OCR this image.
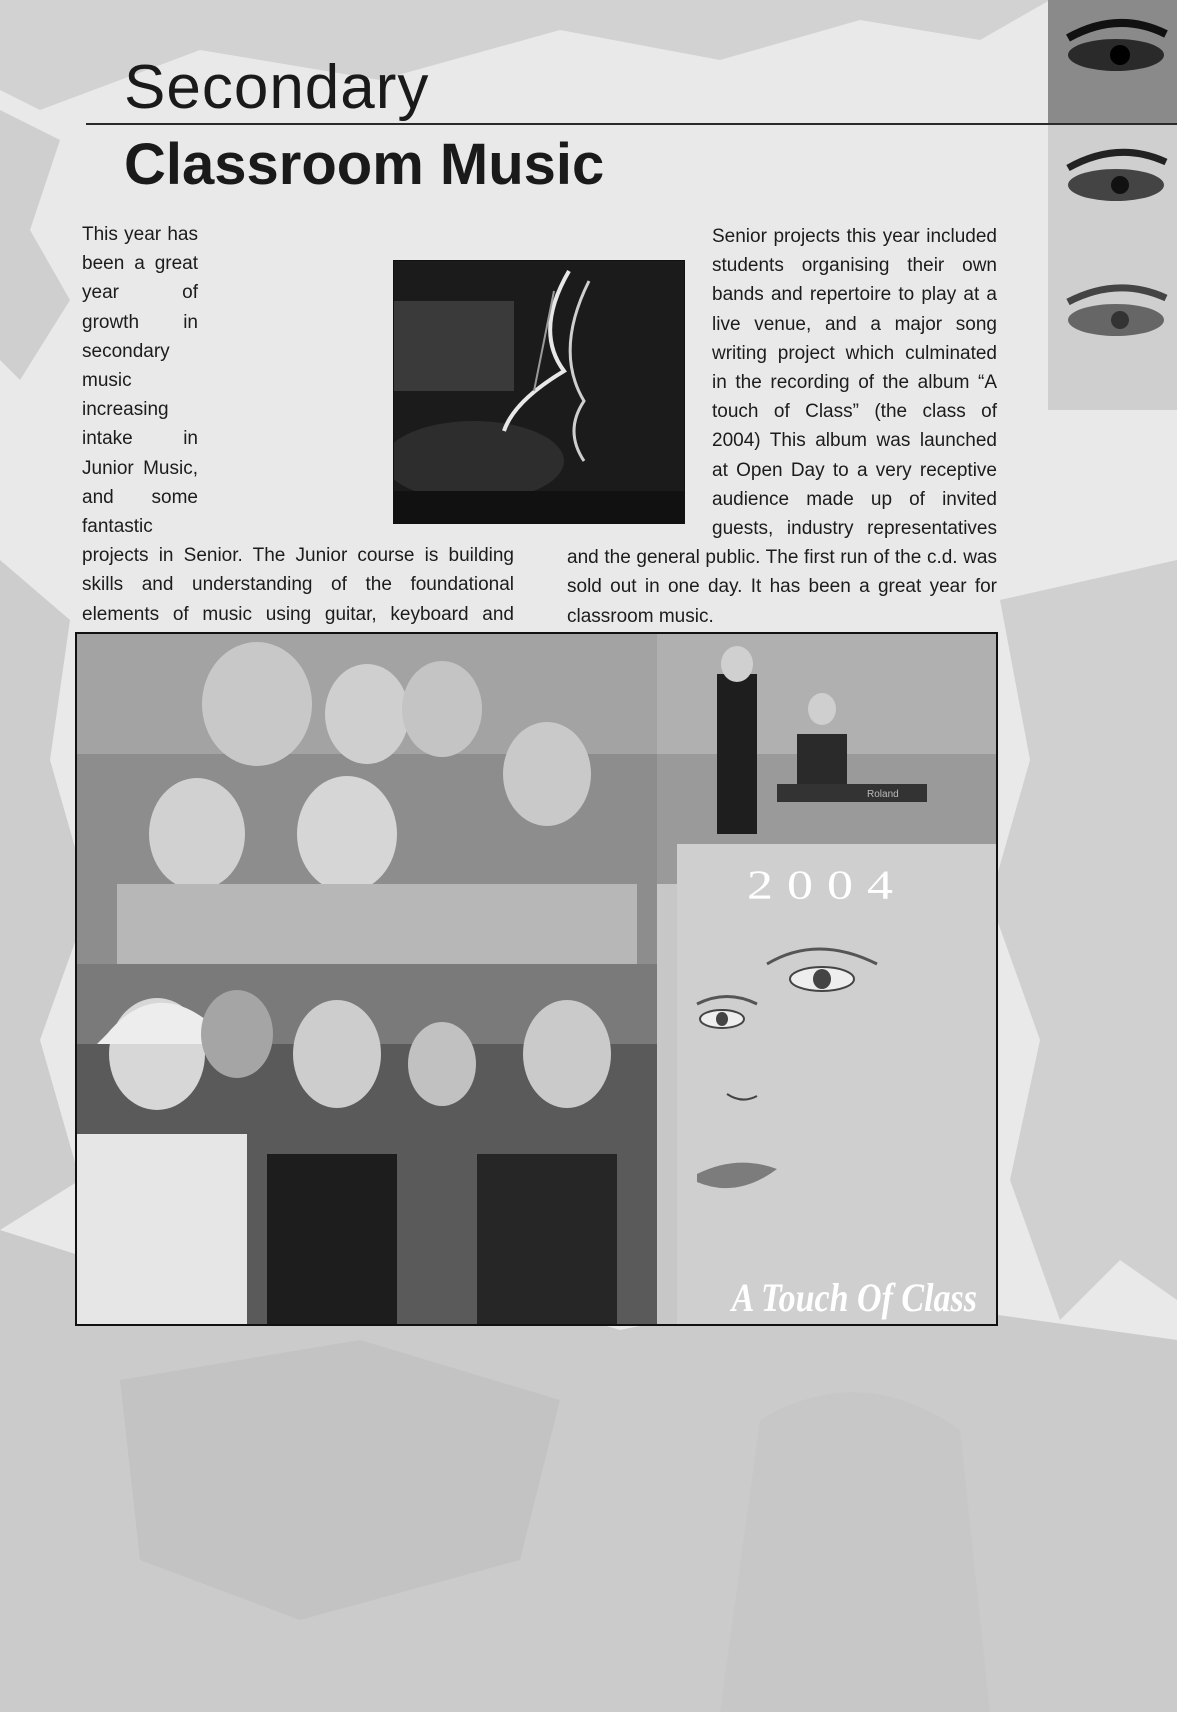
Secondary
Classroom Music

This year has been a great year of growth in secondary music increasing intake in Junior Music, and some fantastic projects in Senior. The Junior course is building skills and understanding of the foundational elements of music using guitar, keyboard and

Senior projects this year included students organising their own bands and repertoire to play at a live venue, and a major song writing project which culminated in the recording of the album “A touch of Class” (the class of 2004) This album was launched at Open Day to a very receptive audience made up of invited guests, industry representatives and the general public. The first run of the c.d. was sold out in one day. It has been a great year for classroom music.

Roland
2004
A Touch Of Class
